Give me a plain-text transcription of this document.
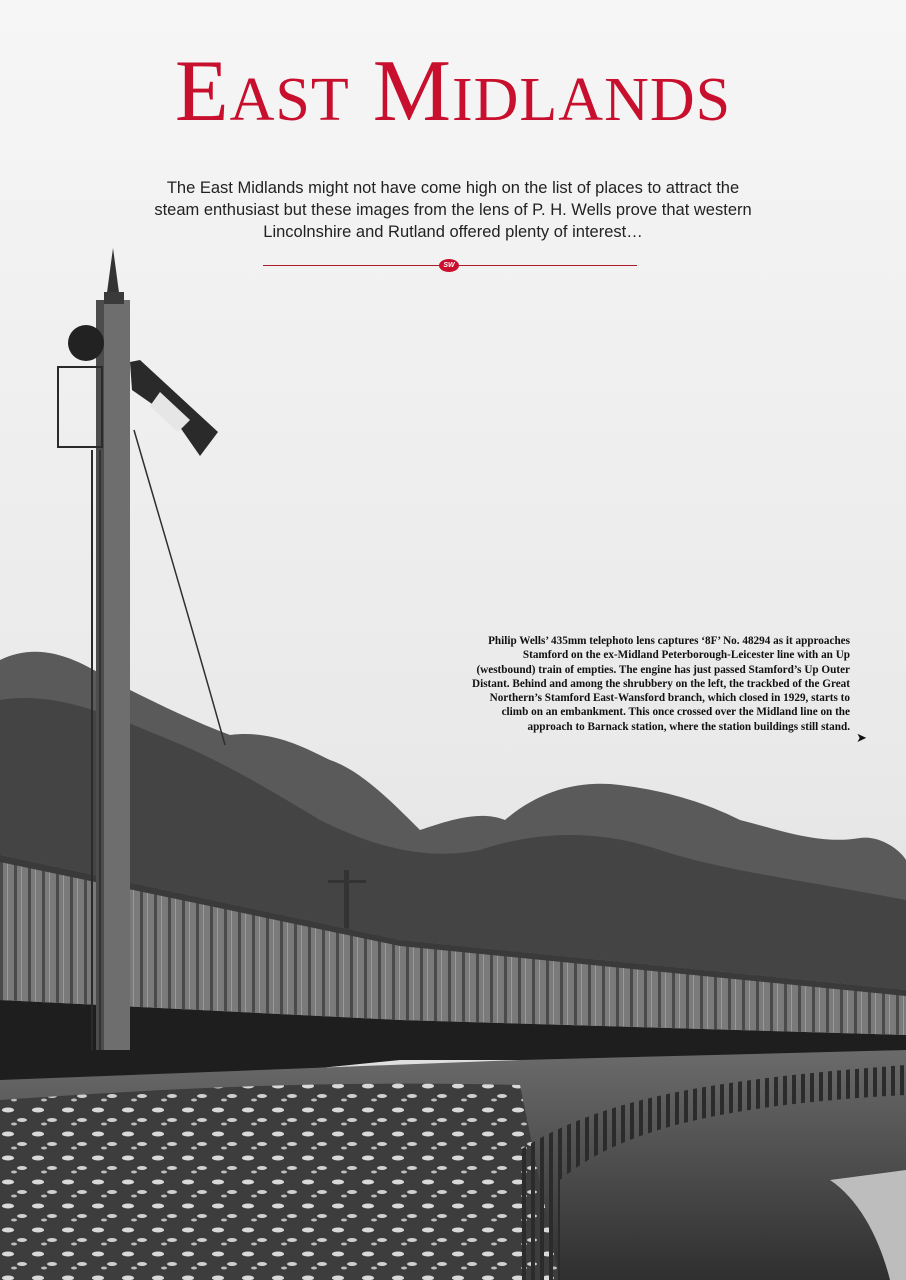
East Midlands
The East Midlands might not have come high on the list of places to attract the steam enthusiast but these images from the lens of P. H. Wells prove that western Lincolnshire and Rutland offered plenty of interest…
SW
Philip Wells’ 435mm telephoto lens captures ‘8F’ No. 48294 as it approaches Stamford on the ex-Midland Peterborough-Leicester line with an Up (westbound) train of empties. The engine has just passed Stamford’s Up Outer Distant. Behind and among the shrubbery on the left, the trackbed of the Great Northern’s Stamford East-Wansford branch, which closed in 1929, starts to climb on an embankment. This once crossed over the Midland line on the approach to Barnack station, where the station buildings still stand.
➤
